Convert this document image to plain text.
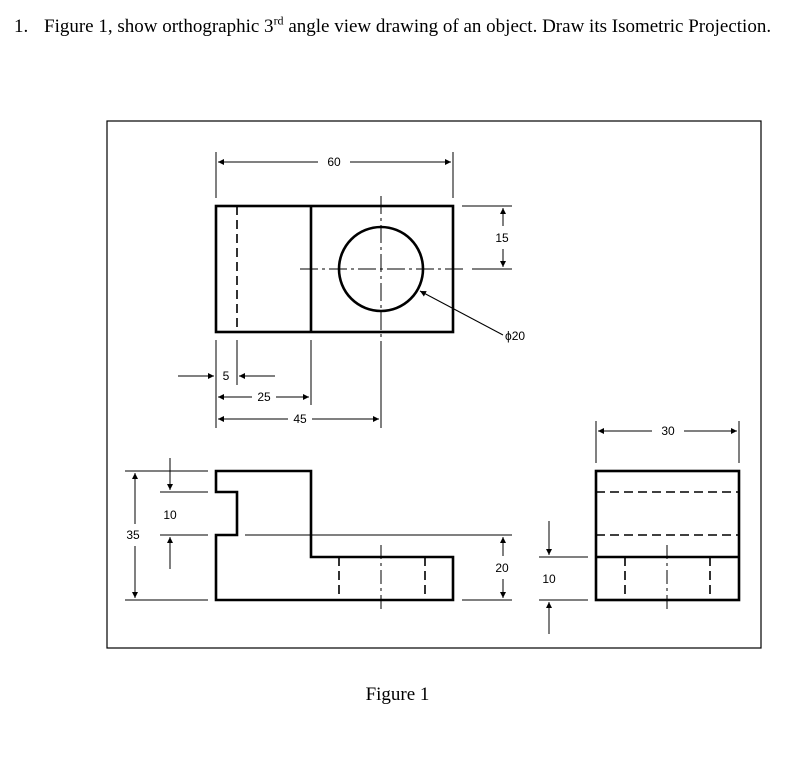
1. Figure 1, show orthographic 3rd angle view drawing of an object. Draw its Isometric Projection.
60
15
ϕ20
5
25
45
35
10
20
30
10
Figure 1
